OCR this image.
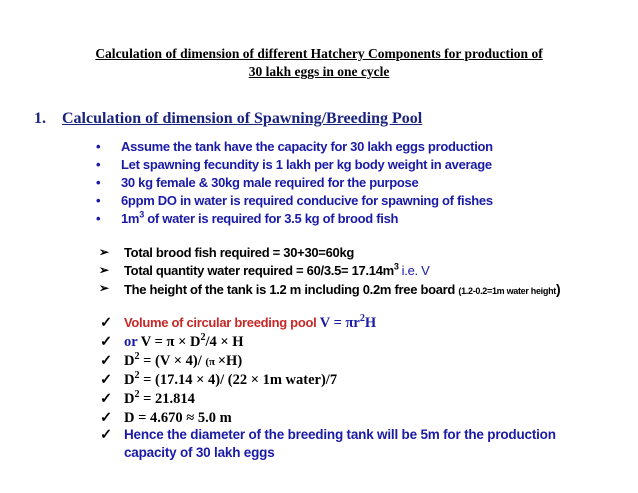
Calculation of dimension of different Hatchery Components for production of
30 lakh eggs in one cycle
1. Calculation of dimension of Spawning/Breeding Pool
• Assume the tank have the capacity for 30 lakh eggs production
• Let spawning fecundity is 1 lakh per kg body weight in average
• 30 kg female & 30kg male required for the purpose
• 6ppm DO in water is required conducive for spawning of fishes
• $1m^3$ of water is required for 3.5 kg of brood fish
➢ Total brood fish required = 30+30=60kg
➢ Total quantity water required = $60/3.5= 17.14m^3$ i.e. V
➢ The height of the tank is 1.2 m including 0.2m free board (1.2-0.2=1m water height)
✓ Volume of circular breeding pool $V = \pi r^2H$
✓ or $V = \pi \times D^2/4 \times H$
✓ $D^2 = (V \times 4)/$ (π ×H)
✓ $D^2 = (17.14 \times 4)/$ (22 × 1m water)/7
✓ $D^2 = 21.814$
✓ D = 4.670 ≈ 5.0 m
✓ Hence the diameter of the breeding tank will be 5m for the production
capacity of 30 lakh eggs
